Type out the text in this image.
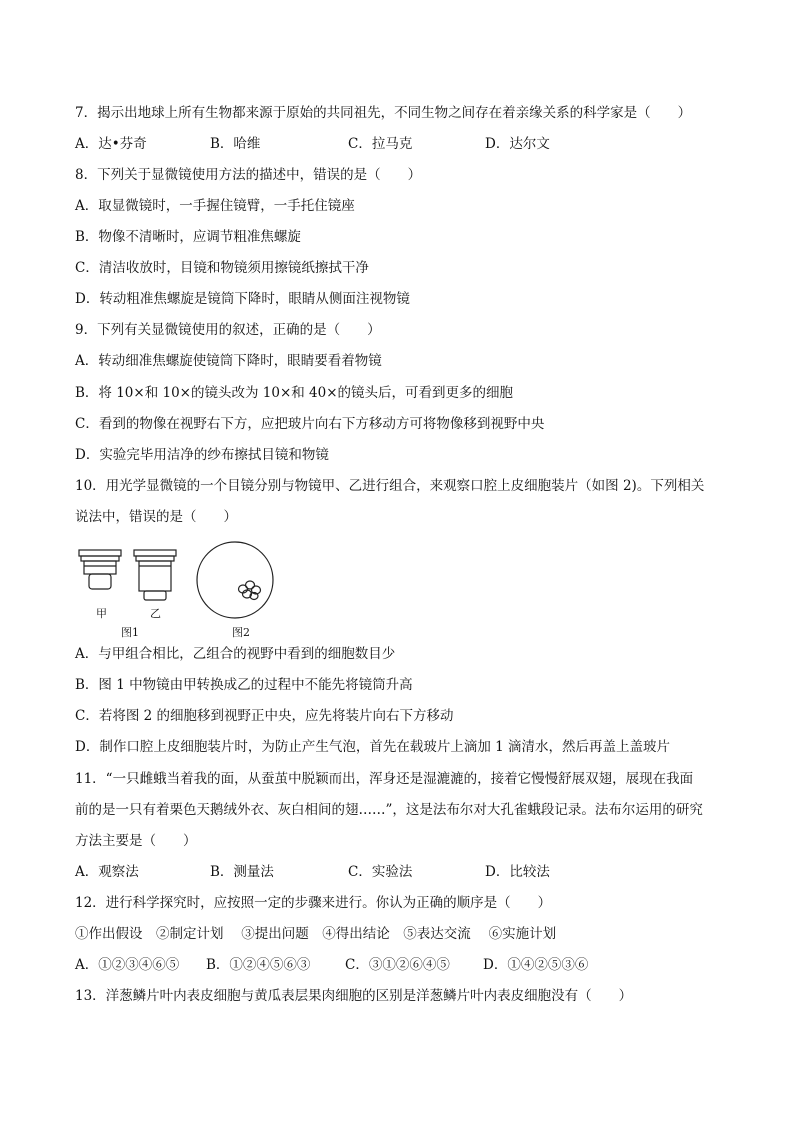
7．揭示出地球上所有生物都来源于原始的共同祖先，不同生物之间存在着亲缘关系的科学家是（　　）
A．达•芬奇	B．哈维	C．拉马克	D．达尔文
8．下列关于显微镜使用方法的描述中，错误的是（　　）
A．取显微镜时，一手握住镜臂，一手托住镜座
B．物像不清晰时，应调节粗准焦螺旋
C．清洁收放时，目镜和物镜须用擦镜纸擦拭干净
D．转动粗准焦螺旋是镜筒下降时，眼睛从侧面注视物镜
9．下列有关显微镜使用的叙述，正确的是（　　）
A．转动细准焦螺旋使镜筒下降时，眼睛要看着物镜
B．将 10×和 10×的镜头改为 10×和 40×的镜头后，可看到更多的细胞
C．看到的物像在视野右下方，应把玻片向右下方移动方可将物像移到视野中央
D．实验完毕用洁净的纱布擦拭目镜和物镜
10．用光学显微镜的一个目镜分别与物镜甲、乙进行组合，来观察口腔上皮细胞装片（如图 2)。下列相关
说法中，错误的是（　　）
甲	乙
图1	图2
A．与甲组合相比，乙组合的视野中看到的细胞数目少
B．图 1 中物镜由甲转换成乙的过程中不能先将镜筒升高
C．若将图 2 的细胞移到视野正中央，应先将装片向右下方移动
D．制作口腔上皮细胞装片时，为防止产生气泡，首先在载玻片上滴加 1 滴清水，然后再盖上盖玻片
11．“一只雌蛾当着我的面，从蚕茧中脱颖而出，浑身还是湿漉漉的，接着它慢慢舒展双翅，展现在我面
前的是一只有着栗色天鹅绒外衣、灰白相间的翅……”，这是法布尔对大孔雀蛾段记录。法布尔运用的研究
方法主要是（　　）
A．观察法	B．测量法	C．实验法	D．比较法
12．进行科学探究时，应按照一定的步骤来进行。你认为正确的顺序是（　　）
①作出假设　②制定计划　 ③提出问题　④得出结论　⑤表达交流　 ⑥实施计划
A．①②③④⑥⑤ B．①②④⑤⑥③	C．③①②⑥④⑤ D．①④②⑤③⑥
13．洋葱鳞片叶内表皮细胞与黄瓜表层果肉细胞的区别是洋葱鳞片叶内表皮细胞没有（　　）
